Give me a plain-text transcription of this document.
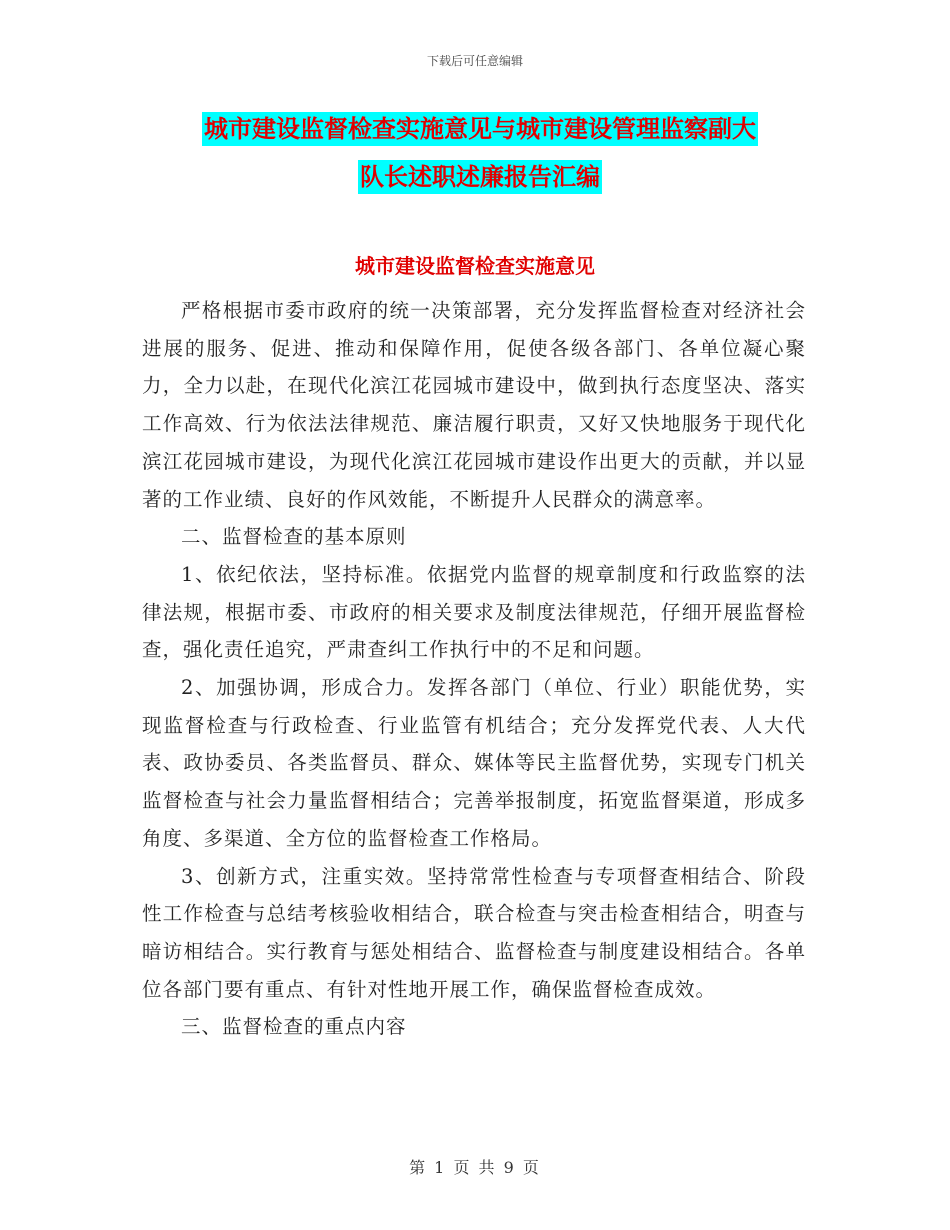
下载后可任意编辑
城市建设监督检查实施意见与城市建设管理监察副大
队长述职述廉报告汇编
城市建设监督检查实施意见

严格根据市委市政府的统一决策部署，充分发挥监督检查对经济社会进展的服务、促进、推动和保障作用，促使各级各部门、各单位凝心聚力，全力以赴，在现代化滨江花园城市建设中，做到执行态度坚决、落实工作高效、行为依法法律规范、廉洁履行职责，又好又快地服务于现代化滨江花园城市建设，为现代化滨江花园城市建设作出更大的贡献，并以显著的工作业绩、良好的作风效能，不断提升人民群众的满意率。

二、监督检查的基本原则

1、依纪依法，坚持标准。依据党内监督的规章制度和行政监察的法律法规，根据市委、市政府的相关要求及制度法律规范，仔细开展监督检查，强化责任追究，严肃查纠工作执行中的不足和问题。

2、加强协调，形成合力。发挥各部门（单位、行业）职能优势，实现监督检查与行政检查、行业监管有机结合；充分发挥党代表、人大代表、政协委员、各类监督员、群众、媒体等民主监督优势，实现专门机关监督检查与社会力量监督相结合；完善举报制度，拓宽监督渠道，形成多角度、多渠道、全方位的监督检查工作格局。

3、创新方式，注重实效。坚持常常性检查与专项督查相结合、阶段性工作检查与总结考核验收相结合，联合检查与突击检查相结合，明查与暗访相结合。实行教育与惩处相结合、监督检查与制度建设相结合。各单位各部门要有重点、有针对性地开展工作，确保监督检查成效。

三、监督检查的重点内容

第 1 页 共 9 页
